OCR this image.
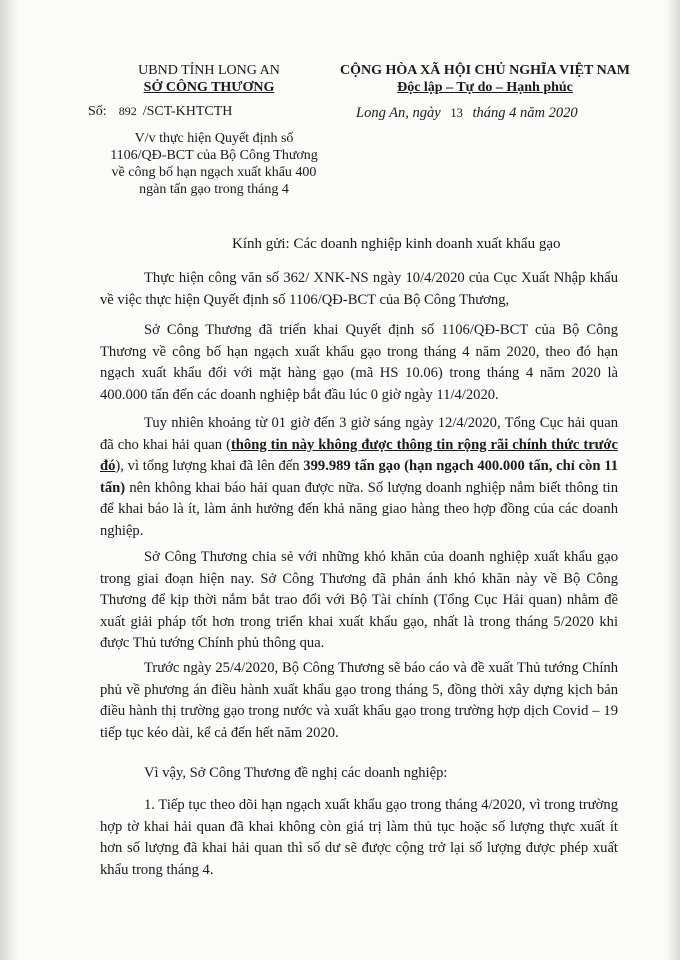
UBND TỈNH LONG AN
SỞ CÔNG THƯƠNG
CỘNG HÒA XÃ HỘI CHỦ NGHĨA VIỆT NAM
Độc lập – Tự do – Hạnh phúc
Số: 892 /SCT-KHTCTH	Long An, ngày 13 tháng 4 năm 2020
V/v thực hiện Quyết định số
1106/QĐ-BCT của Bộ Công Thương
về công bố hạn ngạch xuất khẩu 400
ngàn tấn gạo trong tháng 4
Kính gửi: Các doanh nghiệp kinh doanh xuất khẩu gạo
Thực hiện công văn số 362/ XNK-NS ngày 10/4/2020 của Cục Xuất Nhập khẩu về việc thực hiện Quyết định số 1106/QĐ-BCT của Bộ Công Thương,
Sở Công Thương đã triển khai Quyết định số 1106/QĐ-BCT của Bộ Công Thương về công bố hạn ngạch xuất khẩu gạo trong tháng 4 năm 2020, theo đó hạn ngạch xuất khẩu đối với mặt hàng gạo (mã HS 10.06) trong tháng 4 năm 2020 là 400.000 tấn đến các doanh nghiệp bắt đầu lúc 0 giờ ngày 11/4/2020.
Tuy nhiên khoảng từ 01 giờ đến 3 giờ sáng ngày 12/4/2020, Tổng Cục hải quan đã cho khai hải quan (thông tin này không được thông tin rộng rãi chính thức trước đó), vì tổng lượng khai đã lên đến 399.989 tấn gạo (hạn ngạch 400.000 tấn, chỉ còn 11 tấn) nên không khai báo hải quan được nữa. Số lượng doanh nghiệp nắm biết thông tin để khai báo là ít, làm ảnh hưởng đến khả năng giao hàng theo hợp đồng của các doanh nghiệp.
Sở Công Thương chia sẻ với những khó khăn của doanh nghiệp xuất khẩu gạo trong giai đoạn hiện nay. Sở Công Thương đã phản ánh khó khăn này về Bộ Công Thương để kịp thời nắm bắt trao đổi với Bộ Tài chính (Tổng Cục Hải quan) nhằm đề xuất giải pháp tốt hơn trong triển khai xuất khẩu gạo, nhất là trong tháng 5/2020 khi được Thủ tướng Chính phủ thông qua.
Trước ngày 25/4/2020, Bộ Công Thương sẽ báo cáo và đề xuất Thủ tướng Chính phủ về phương án điều hành xuất khẩu gạo trong tháng 5, đồng thời xây dựng kịch bản điều hành thị trường gạo trong nước và xuất khẩu gạo trong trường hợp dịch Covid – 19 tiếp tục kéo dài, kể cả đến hết năm 2020.
Vì vậy, Sở Công Thương đề nghị các doanh nghiệp:
1. Tiếp tục theo dõi hạn ngạch xuất khẩu gạo trong tháng 4/2020, vì trong trường hợp tờ khai hải quan đã khai không còn giá trị làm thủ tục hoặc số lượng thực xuất ít hơn số lượng đã khai hải quan thì số dư sẽ được cộng trở lại số lượng được phép xuất khẩu trong tháng 4.
